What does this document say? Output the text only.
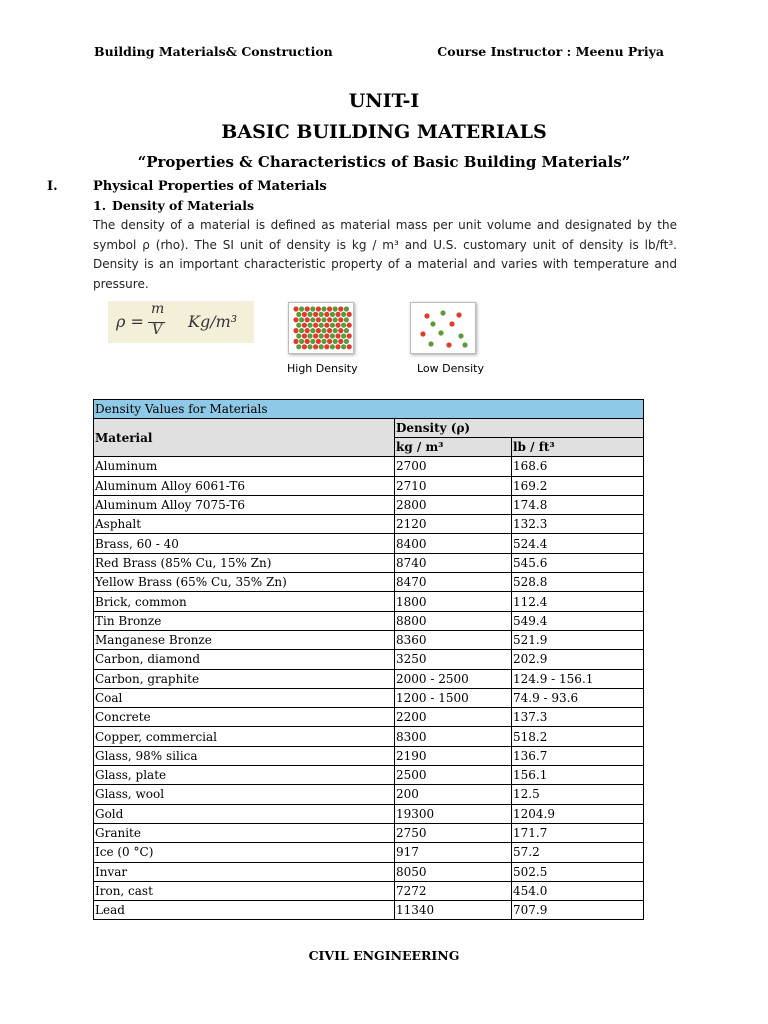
Building Materials& Construction	Course Instructor : Meenu Priya
UNIT-I
BASIC BUILDING MATERIALS
“Properties & Characteristics of Basic Building Materials”
I.	Physical Properties of Materials
1. Density of Materials
The density of a material is defined as material mass per unit volume and designated by the symbol ρ (rho). The SI unit of density is kg / m³ and U.S. customary unit of density is lb/ft³. Density is an important characteristic property of a material and varies with temperature and pressure.
ρ =
m
V Kg/m³
High Density	Low Density
Density Values for Materials		
Material	Density (ρ)	
	kg / m³	lb / ft³
Aluminum	2700	168.6
Aluminum Alloy 6061-T6	2710	169.2
Aluminum Alloy 7075-T6	2800	174.8
Asphalt	2120	132.3
Brass, 60 - 40	8400	524.4
Red Brass (85% Cu, 15% Zn)	8740	545.6
Yellow Brass (65% Cu, 35% Zn)	8470	528.8
Brick, common	1800	112.4
Tin Bronze	8800	549.4
Manganese Bronze	8360	521.9
Carbon, diamond	3250	202.9
Carbon, graphite	2000 - 2500	124.9 - 156.1
Coal	1200 - 1500	74.9 - 93.6
Concrete	2200	137.3
Copper, commercial	8300	518.2
Glass, 98% silica	2190	136.7
Glass, plate	2500	156.1
Glass, wool	200	12.5
Gold	19300	1204.9
Granite	2750	171.7
Ice (0 °C)	917	57.2
Invar	8050	502.5
Iron, cast	7272	454.0
Lead	11340	707.9
CIVIL ENGINEERING
